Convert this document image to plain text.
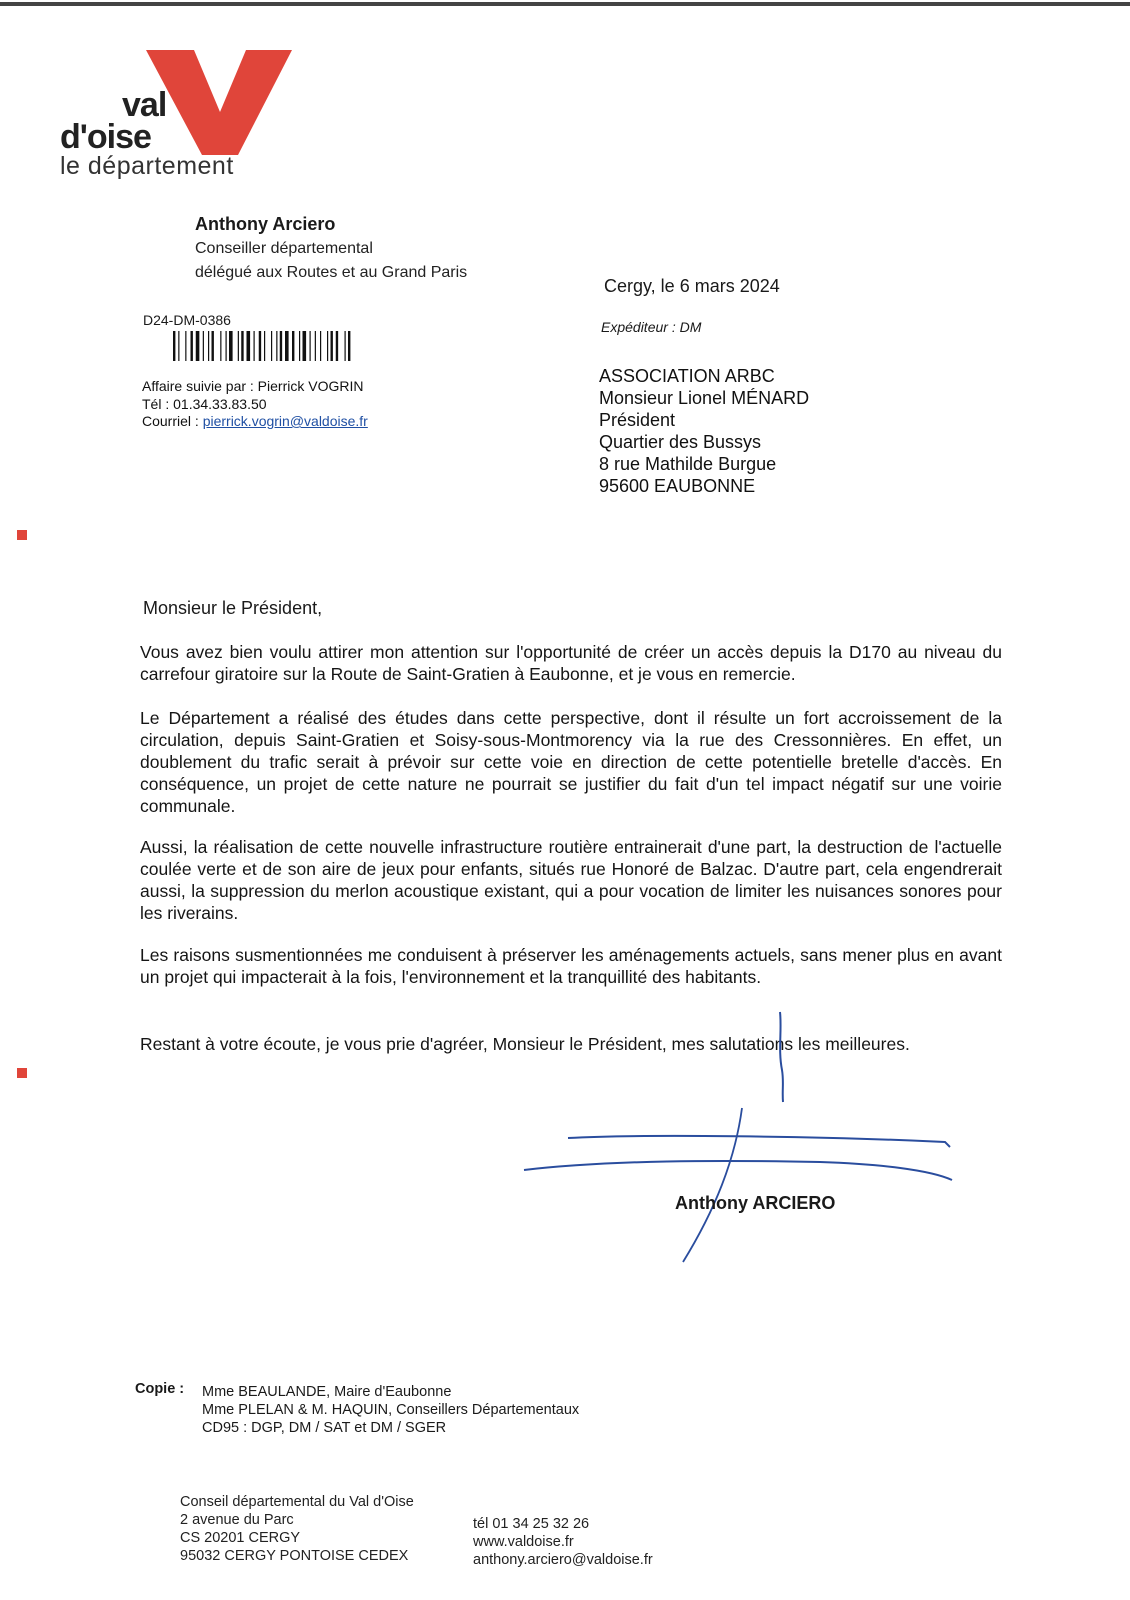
val
d'oise
le département
Anthony Arciero
Conseiller départemental
délégué aux Routes et au Grand Paris
D24-DM-0386
Affaire suivie par : Pierrick VOGRIN
Tél : 01.34.33.83.50
Courriel : pierrick.vogrin@valdoise.fr
Cergy, le 6 mars 2024
Expéditeur : DM
ASSOCIATION ARBC
Monsieur Lionel MÉNARD
Président
Quartier des Bussys
8 rue Mathilde Burgue
95600 EAUBONNE
Monsieur le Président,
Vous avez bien voulu attirer mon attention sur l'opportunité de créer un accès depuis la D170 au niveau du carrefour giratoire sur la Route de Saint-Gratien à Eaubonne, et je vous en remercie.
Le Département a réalisé des études dans cette perspective, dont il résulte un fort accroissement de la circulation, depuis Saint-Gratien et Soisy-sous-Montmorency via la rue des Cressonnières. En effet, un doublement du trafic serait à prévoir sur cette voie en direction de cette potentielle bretelle d'accès. En conséquence, un projet de cette nature ne pourrait se justifier du fait d'un tel impact négatif sur une voirie communale.
Aussi, la réalisation de cette nouvelle infrastructure routière entrainerait d'une part, la destruction de l'actuelle coulée verte et de son aire de jeux pour enfants, situés rue Honoré de Balzac. D'autre part, cela engendrerait aussi, la suppression du merlon acoustique existant, qui a pour vocation de limiter les nuisances sonores pour les riverains.
Les raisons susmentionnées me conduisent à préserver les aménagements actuels, sans mener plus en avant un projet qui impacterait à la fois, l'environnement et la tranquillité des habitants.
Restant à votre écoute, je vous prie d'agréer, Monsieur le Président, mes salutations les meilleures.
Anthony ARCIERO
Copie : Mme BEAULANDE, Maire d'Eaubonne
Mme PLELAN & M. HAQUIN, Conseillers Départementaux
CD95 : DGP, DM / SAT et DM / SGER
Conseil départemental du Val d'Oise
2 avenue du Parc
CS 20201 CERGY
95032 CERGY PONTOISE CEDEX
tél 01 34 25 32 26
www.valdoise.fr
anthony.arciero@valdoise.fr
